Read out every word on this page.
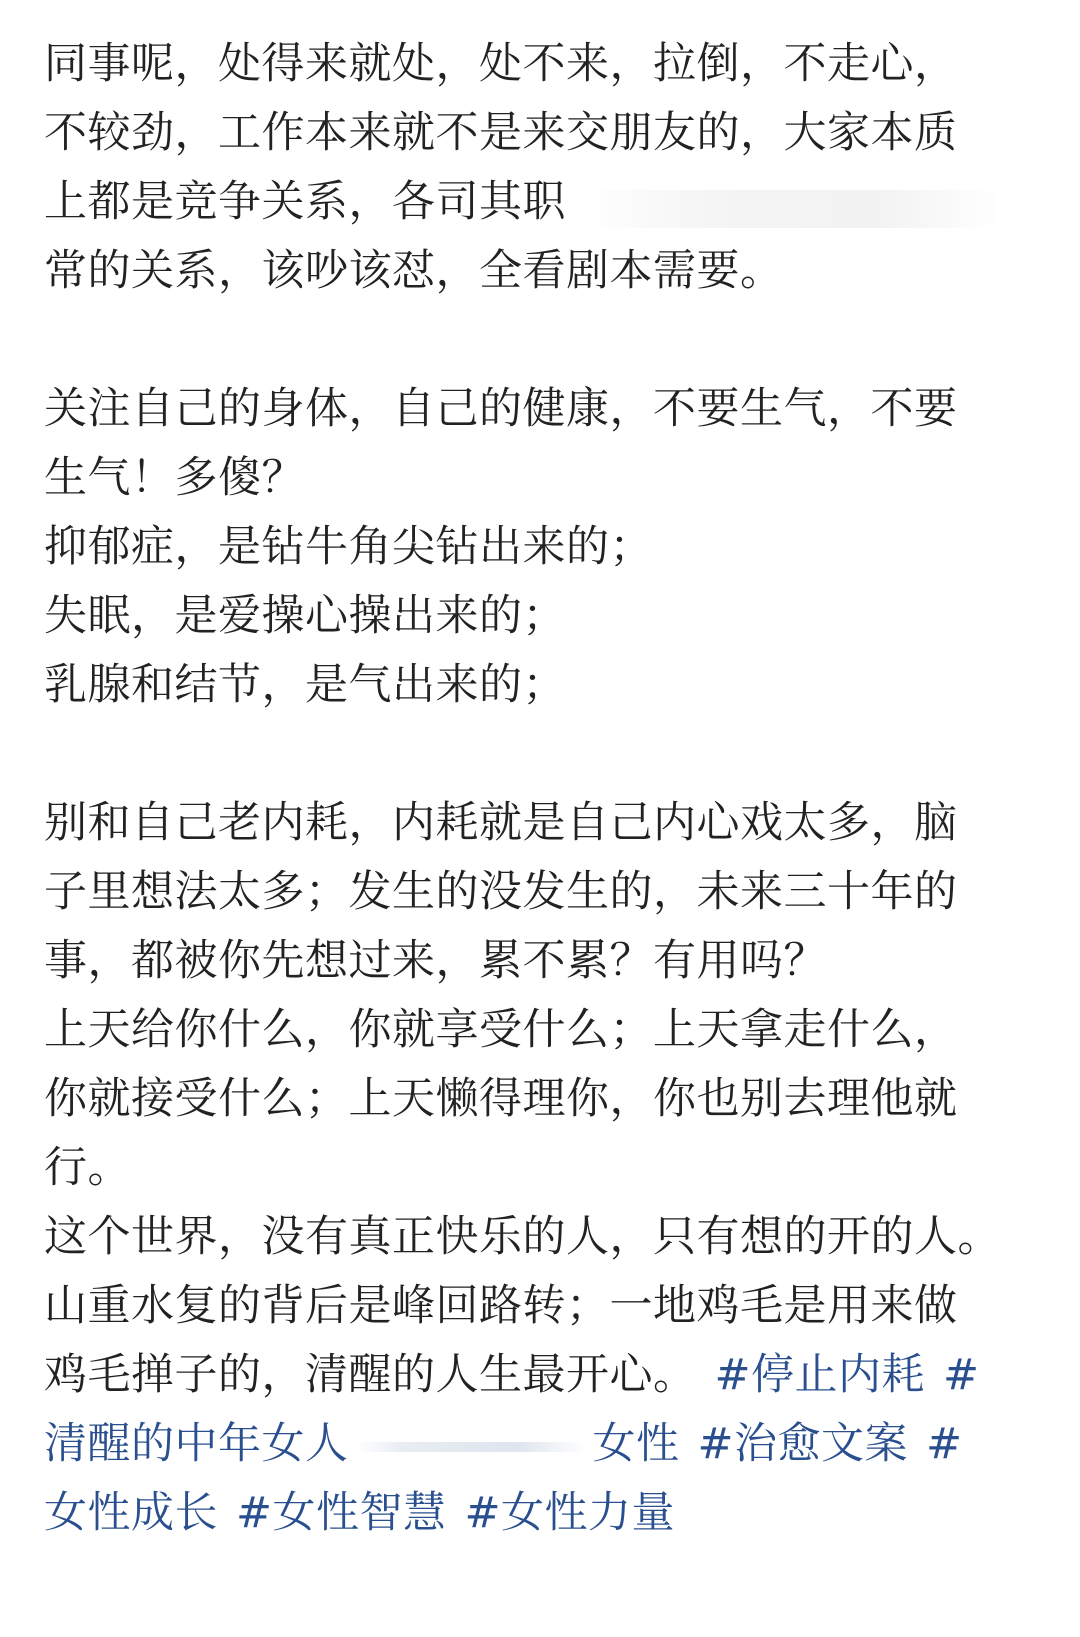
同事呢，处得来就处，处不来，拉倒，不走心，
不较劲，工作本来就不是来交朋友的，大家本质
上都是竞争关系，各司其职
常的关系，该吵该怼，全看剧本需要。
关注自己的身体，自己的健康，不要生气，不要
生气！多傻？
抑郁症，是钻牛角尖钻出来的；
失眠，是爱操心操出来的；
乳腺和结节，是气出来的；
别和自己老内耗，内耗就是自己内心戏太多，脑
子里想法太多；发生的没发生的，未来三十年的
事，都被你先想过来，累不累？有用吗？
上天给你什么，你就享受什么；上天拿走什么，
你就接受什么；上天懒得理你，你也别去理他就
行。
这个世界，没有真正快乐的人，只有想的开的人。
山重水复的背后是峰回路转；一地鸡毛是用来做
鸡毛掸子的，清醒的人生最开心。 #停止内耗 #
清醒的中年女人	女性 #治愈文案 #
女性成长 #女性智慧 #女性力量
